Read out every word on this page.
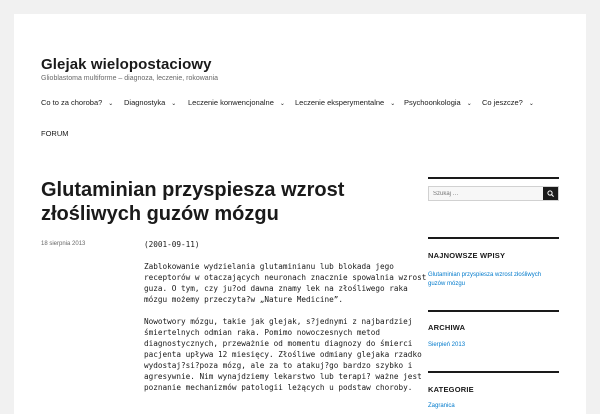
Glejak wielopostaciowy
Glioblastoma multiforme – diagnoza, leczenie, rokowania
Co to za choroba? ⌄ Diagnostyka ⌄ Leczenie konwencjonalne ⌄ Leczenie eksperymentalne ⌄ Psychoonkologia ⌄ Co jeszcze? ⌄
FORUM
Glutaminian przyspiesza wzrost złośliwych guzów mózgu
18 sierpnia 2013	(2001-09-11)

Zablokowanie wydzielania glutaminianu lub blokada jego receptorów w otaczających neuronach znacznie spowalnia wzrost guza. O tym, czy ju?od dawna znamy lek na złośliwego raka mózgu możemy przeczyta?w „Nature Medicine”.

Nowotwory mózgu, takie jak glejak, s?jednymi z najbardziej śmiertelnych odmian raka. Pomimo nowoczesnych metod diagnostycznych, przeważnie od momentu diagnozy do śmierci pacjenta upływa 12 miesięcy. Złośliwe odmiany glejaka rzadko wydostaj?si?poza mózg, ale za to atakuj?go bardzo szybko i agresywnie. Nim wynajdziemy lekarstwo lub terapi? ważne jest poznanie mechanizmów patologii leżących u podstaw choroby.

Szukaj …
NAJNOWSZE WPISY
Glutaminian przyspiesza wzrost złośliwych guzów mózgu
ARCHIWA
Sierpień 2013
KATEGORIE
Zagranica
